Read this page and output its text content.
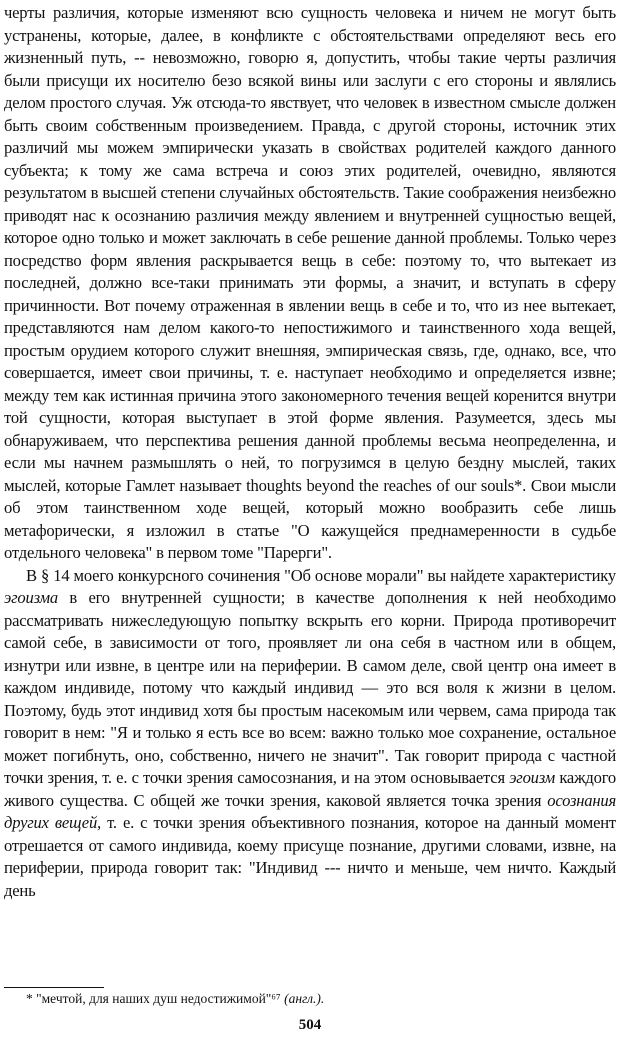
черты различия, которые изменяют всю сущность человека и ничем не могут быть устранены, которые, далее, в конфликте с обстоятельствами определяют весь его жизненный путь, -- невозможно, говорю я, допустить, чтобы такие черты различия были присущи их носителю безо всякой вины или заслуги с его стороны и являлись делом простого случая. Уж отсюда-то явствует, что человек в известном смысле должен быть своим собственным произведением. Правда, с другой стороны, источник этих различий мы можем эмпирически указать в свойствах родителей каждого данного субъекта; к тому же сама встреча и союз этих родителей, очевидно, являются результатом в высшей степени случайных обстоятельств. Такие соображения неизбежно приводят нас к осознанию различия между явлением и внутренней сущностью вещей, которое одно только и может заключать в себе решение данной проблемы. Только через посредство форм явления раскрывается вещь в себе: поэтому то, что вытекает из последней, должно все-таки принимать эти формы, а значит, и вступать в сферу причинности. Вот почему отраженная в явлении вещь в себе и то, что из нее вытекает, представляются нам делом какого-то непостижимого и таинственного хода вещей, простым орудием которого служит внешняя, эмпирическая связь, где, однако, все, что совершается, имеет свои причины, т. е. наступает необходимо и определяется извне; между тем как истинная причина этого закономерного течения вещей коренится внутри той сущности, которая выступает в этой форме явления. Разумеется, здесь мы обнаруживаем, что перспектива решения данной проблемы весьма неопределенна, и если мы начнем размышлять о ней, то погрузимся в целую бездну мыслей, таких мыслей, которые Гамлет называет thoughts beyond the reaches of our souls*. Свои мысли об этом таинственном ходе вещей, который можно вообразить себе лишь метафорически, я изложил в статье "О кажущейся преднамеренности в судьбе отдельного человека" в первом томе "Парерги".

В § 14 моего конкурсного сочинения "Об основе морали" вы найдете характеристику эгоизма в его внутренней сущности; в качестве дополнения к ней необходимо рассматривать нижеследующую попытку вскрыть его корни. Природа противоречит самой себе, в зависимости от того, проявляет ли она себя в частном или в общем, изнутри или извне, в центре или на периферии. В самом деле, свой центр она имеет в каждом индивиде, потому что каждый индивид — это вся воля к жизни в целом. Поэтому, будь этот индивид хотя бы простым насекомым или червем, сама природа так говорит в нем: "Я и только я есть все во всем: важно только мое сохранение, остальное может погибнуть, оно, собственно, ничего не значит". Так говорит природа с частной точки зрения, т. е. с точки зрения самосознания, и на этом основывается эгоизм каждого живого существа. С общей же точки зрения, каковой является точка зрения осознания других вещей, т. е. с точки зрения объективного познания, которое на данный момент отрешается от самого индивида, коему присуще познание, другими словами, извне, на периферии, природа говорит так: "Индивид --- ничто и меньше, чем ничто. Каждый день

* "мечтой, для наших душ недостижимой"⁶⁷ (англ.).
504
